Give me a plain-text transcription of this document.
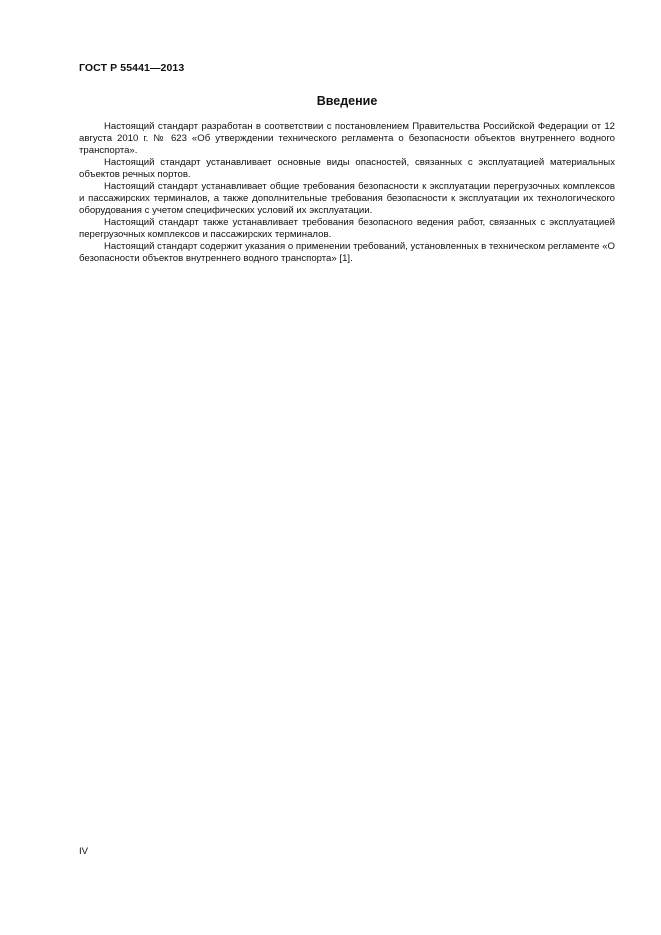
ГОСТ Р 55441—2013
Введение

Настоящий стандарт разработан в соответствии с постановлением Правительства Российской Федерации от 12 августа 2010 г. № 623 «Об утверждении технического регламента о безопасности объектов внутреннего водного транспорта».

Настоящий стандарт устанавливает основные виды опасностей, связанных с эксплуатацией материальных объектов речных портов.

Настоящий стандарт устанавливает общие требования безопасности к эксплуатации перегрузочных комплексов и пассажирских терминалов, а также дополнительные требования безопасности к эксплуатации их технологического оборудования с учетом специфических условий их эксплуатации.

Настоящий стандарт также устанавливает требования безопасного ведения работ, связанных с эксплуатацией перегрузочных комплексов и пассажирских терминалов.

Настоящий стандарт содержит указания о применении требований, установленных в техническом регламенте «О безопасности объектов внутреннего водного транспорта» [1].

IV
